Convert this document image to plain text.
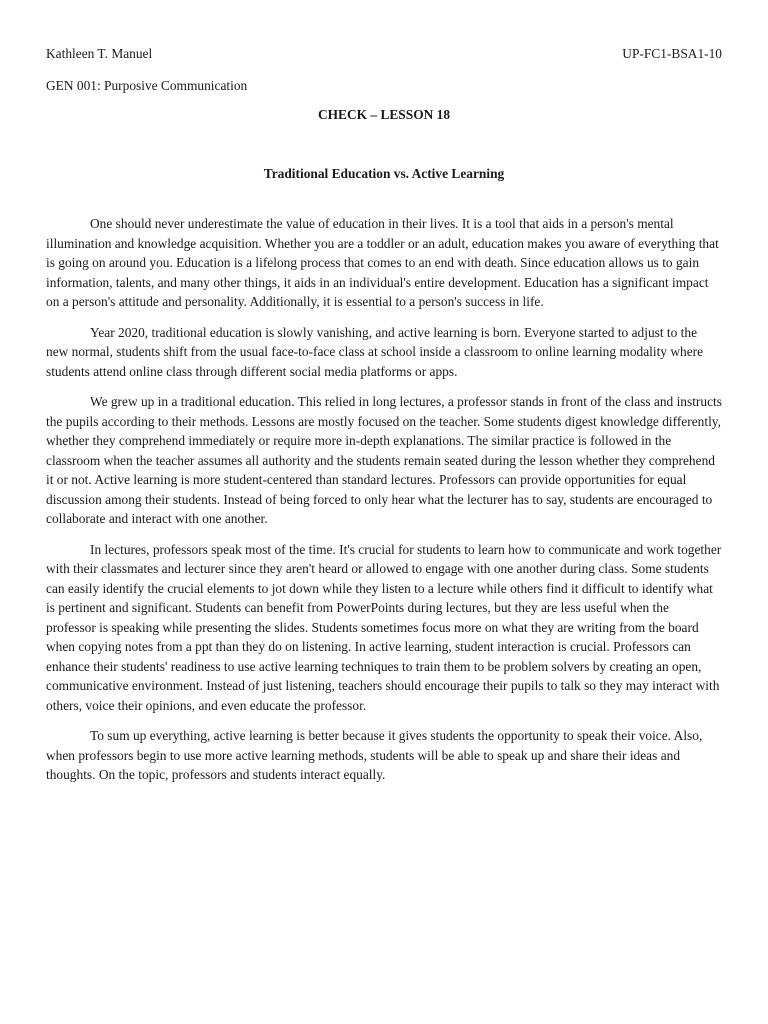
Kathleen T. Manuel	UP-FC1-BSA1-10
GEN 001: Purposive Communication
CHECK – LESSON 18
Traditional Education vs. Active Learning

One should never underestimate the value of education in their lives. It is a tool that aids in a person's mental illumination and knowledge acquisition. Whether you are a toddler or an adult, education makes you aware of everything that is going on around you. Education is a lifelong process that comes to an end with death. Since education allows us to gain information, talents, and many other things, it aids in an individual's entire development. Education has a significant impact on a person's attitude and personality. Additionally, it is essential to a person's success in life.

Year 2020, traditional education is slowly vanishing, and active learning is born. Everyone started to adjust to the new normal, students shift from the usual face-to-face class at school inside a classroom to online learning modality where students attend online class through different social media platforms or apps.

We grew up in a traditional education. This relied in long lectures, a professor stands in front of the class and instructs the pupils according to their methods. Lessons are mostly focused on the teacher. Some students digest knowledge differently, whether they comprehend immediately or require more in-depth explanations. The similar practice is followed in the classroom when the teacher assumes all authority and the students remain seated during the lesson whether they comprehend it or not. Active learning is more student-centered than standard lectures. Professors can provide opportunities for equal discussion among their students. Instead of being forced to only hear what the lecturer has to say, students are encouraged to collaborate and interact with one another.

In lectures, professors speak most of the time. It's crucial for students to learn how to communicate and work together with their classmates and lecturer since they aren't heard or allowed to engage with one another during class. Some students can easily identify the crucial elements to jot down while they listen to a lecture while others find it difficult to identify what is pertinent and significant. Students can benefit from PowerPoints during lectures, but they are less useful when the professor is speaking while presenting the slides. Students sometimes focus more on what they are writing from the board when copying notes from a ppt than they do on listening. In active learning, student interaction is crucial. Professors can enhance their students' readiness to use active learning techniques to train them to be problem solvers by creating an open, communicative environment. Instead of just listening, teachers should encourage their pupils to talk so they may interact with others, voice their opinions, and even educate the professor.

To sum up everything, active learning is better because it gives students the opportunity to speak their voice. Also, when professors begin to use more active learning methods, students will be able to speak up and share their ideas and thoughts. On the topic, professors and students interact equally.
